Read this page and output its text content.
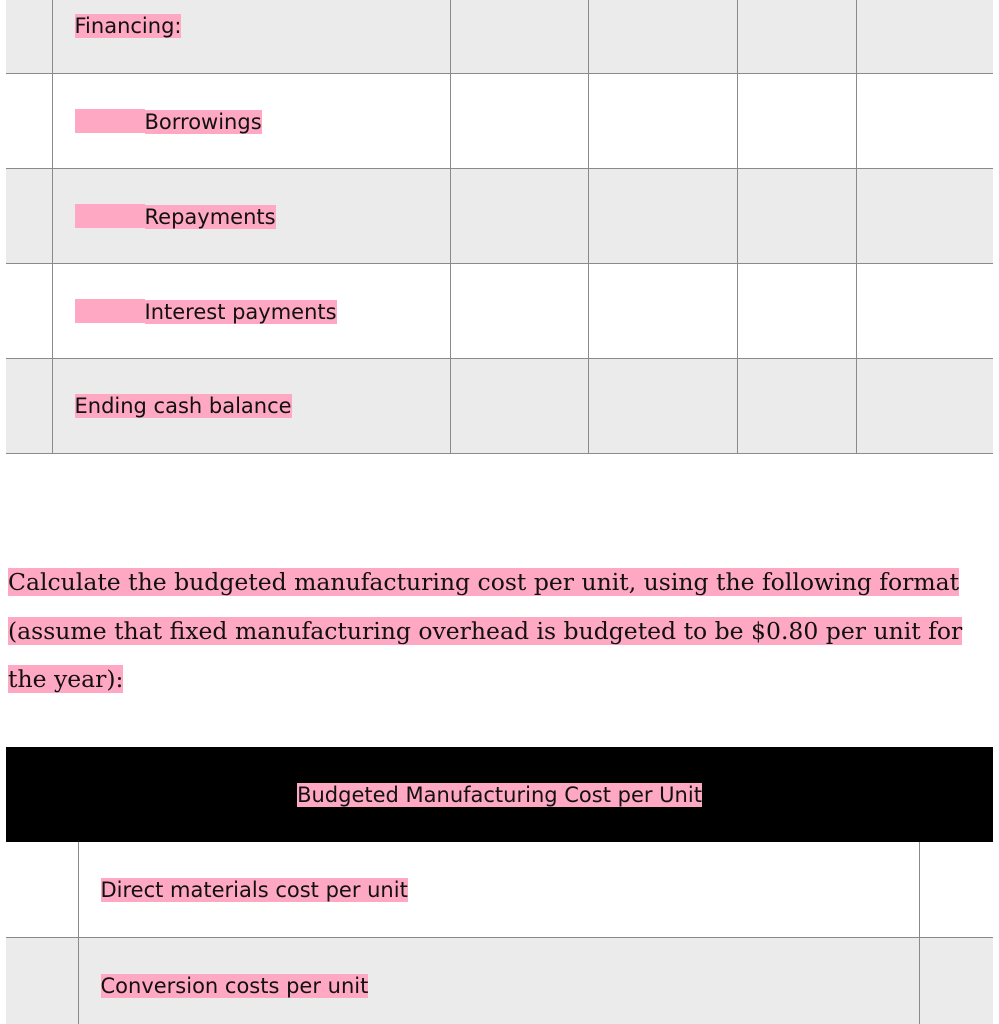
	Financing:				
	Borrowings				
	Repayments				
	Interest payments				
	Ending cash balance				

Calculate the budgeted manufacturing cost per unit, using the following format (assume that fixed manufacturing overhead is budgeted to be $0.80 per unit for the year):

Budgeted Manufacturing Cost per Unit		
	Direct materials cost per unit	
	Conversion costs per unit	
